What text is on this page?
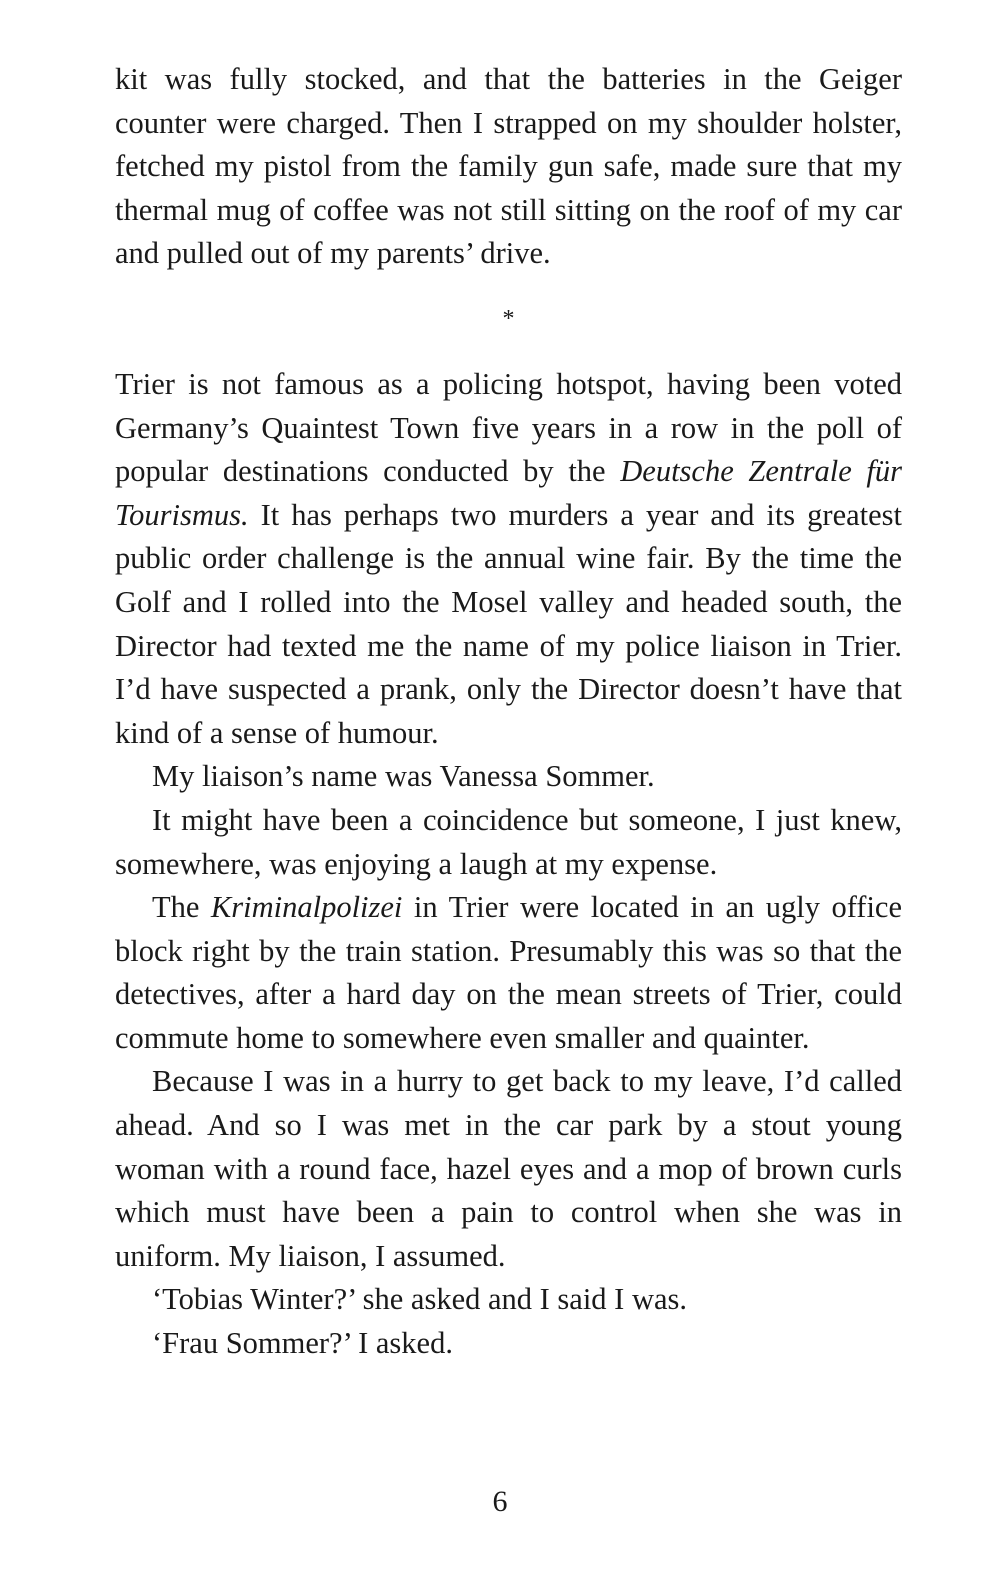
kit was fully stocked, and that the batteries in the Geiger counter were charged. Then I strapped on my shoulder holster, fetched my pistol from the family gun safe, made sure that my thermal mug of coffee was not still sitting on the roof of my car and pulled out of my parents’ drive.

*

Trier is not famous as a policing hotspot, having been voted Germany’s Quaintest Town five years in a row in the poll of popular destinations conducted by the Deutsche Zentrale für Tourismus. It has perhaps two murders a year and its greatest public order challenge is the annual wine fair. By the time the Golf and I rolled into the Mosel valley and headed south, the Director had texted me the name of my police liaison in Trier. I’d have suspected a prank, only the Director doesn’t have that kind of a sense of humour.

My liaison’s name was Vanessa Sommer.

It might have been a coincidence but someone, I just knew, somewhere, was enjoying a laugh at my expense.

The Kriminalpolizei in Trier were located in an ugly office block right by the train station. Presumably this was so that the detectives, after a hard day on the mean streets of Trier, could commute home to somewhere even smaller and quainter.

Because I was in a hurry to get back to my leave, I’d called ahead. And so I was met in the car park by a stout young woman with a round face, hazel eyes and a mop of brown curls which must have been a pain to control when she was in uniform. My liaison, I assumed.

‘Tobias Winter?’ she asked and I said I was.

‘Frau Sommer?’ I asked.

6
